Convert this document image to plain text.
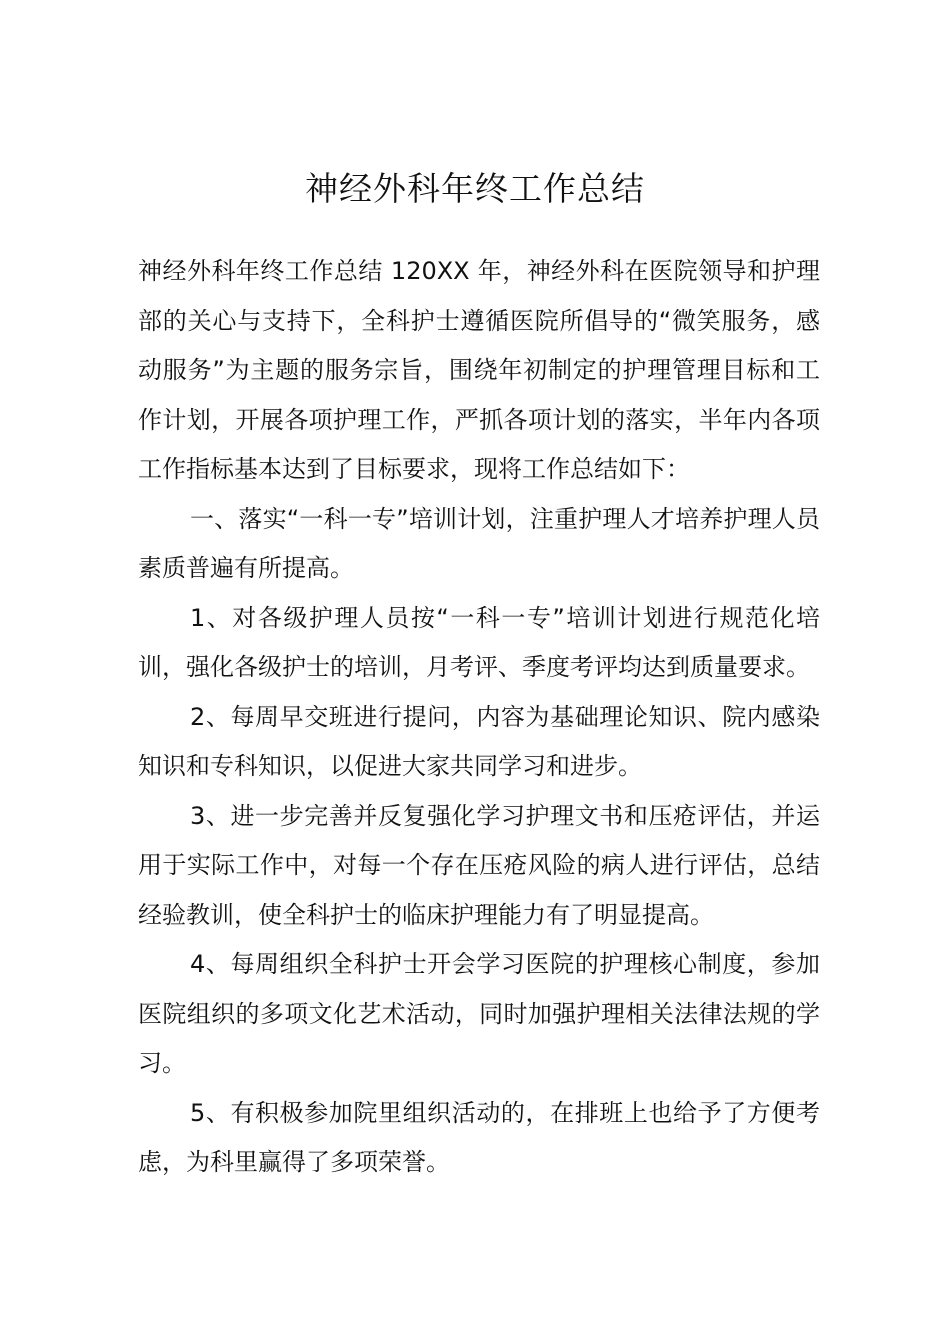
神经外科年终工作总结

神经外科年终工作总结 120XX 年，神经外科在医院领导和护理部的关心与支持下，全科护士遵循医院所倡导的“微笑服务，感动服务”为主题的服务宗旨，围绕年初制定的护理管理目标和工作计划，开展各项护理工作，严抓各项计划的落实，半年内各项工作指标基本达到了目标要求，现将工作总结如下：

一、落实“一科一专”培训计划，注重护理人才培养护理人员素质普遍有所提高。

1、对各级护理人员按“一科一专”培训计划进行规范化培训，强化各级护士的培训，月考评、季度考评均达到质量要求。

2、每周早交班进行提问，内容为基础理论知识、院内感染知识和专科知识，以促进大家共同学习和进步。

3、进一步完善并反复强化学习护理文书和压疮评估，并运用于实际工作中，对每一个存在压疮风险的病人进行评估，总结经验教训，使全科护士的临床护理能力有了明显提高。

4、每周组织全科护士开会学习医院的护理核心制度，参加医院组织的多项文化艺术活动，同时加强护理相关法律法规的学习。

5、有积极参加院里组织活动的，在排班上也给予了方便考虑，为科里赢得了多项荣誉。
